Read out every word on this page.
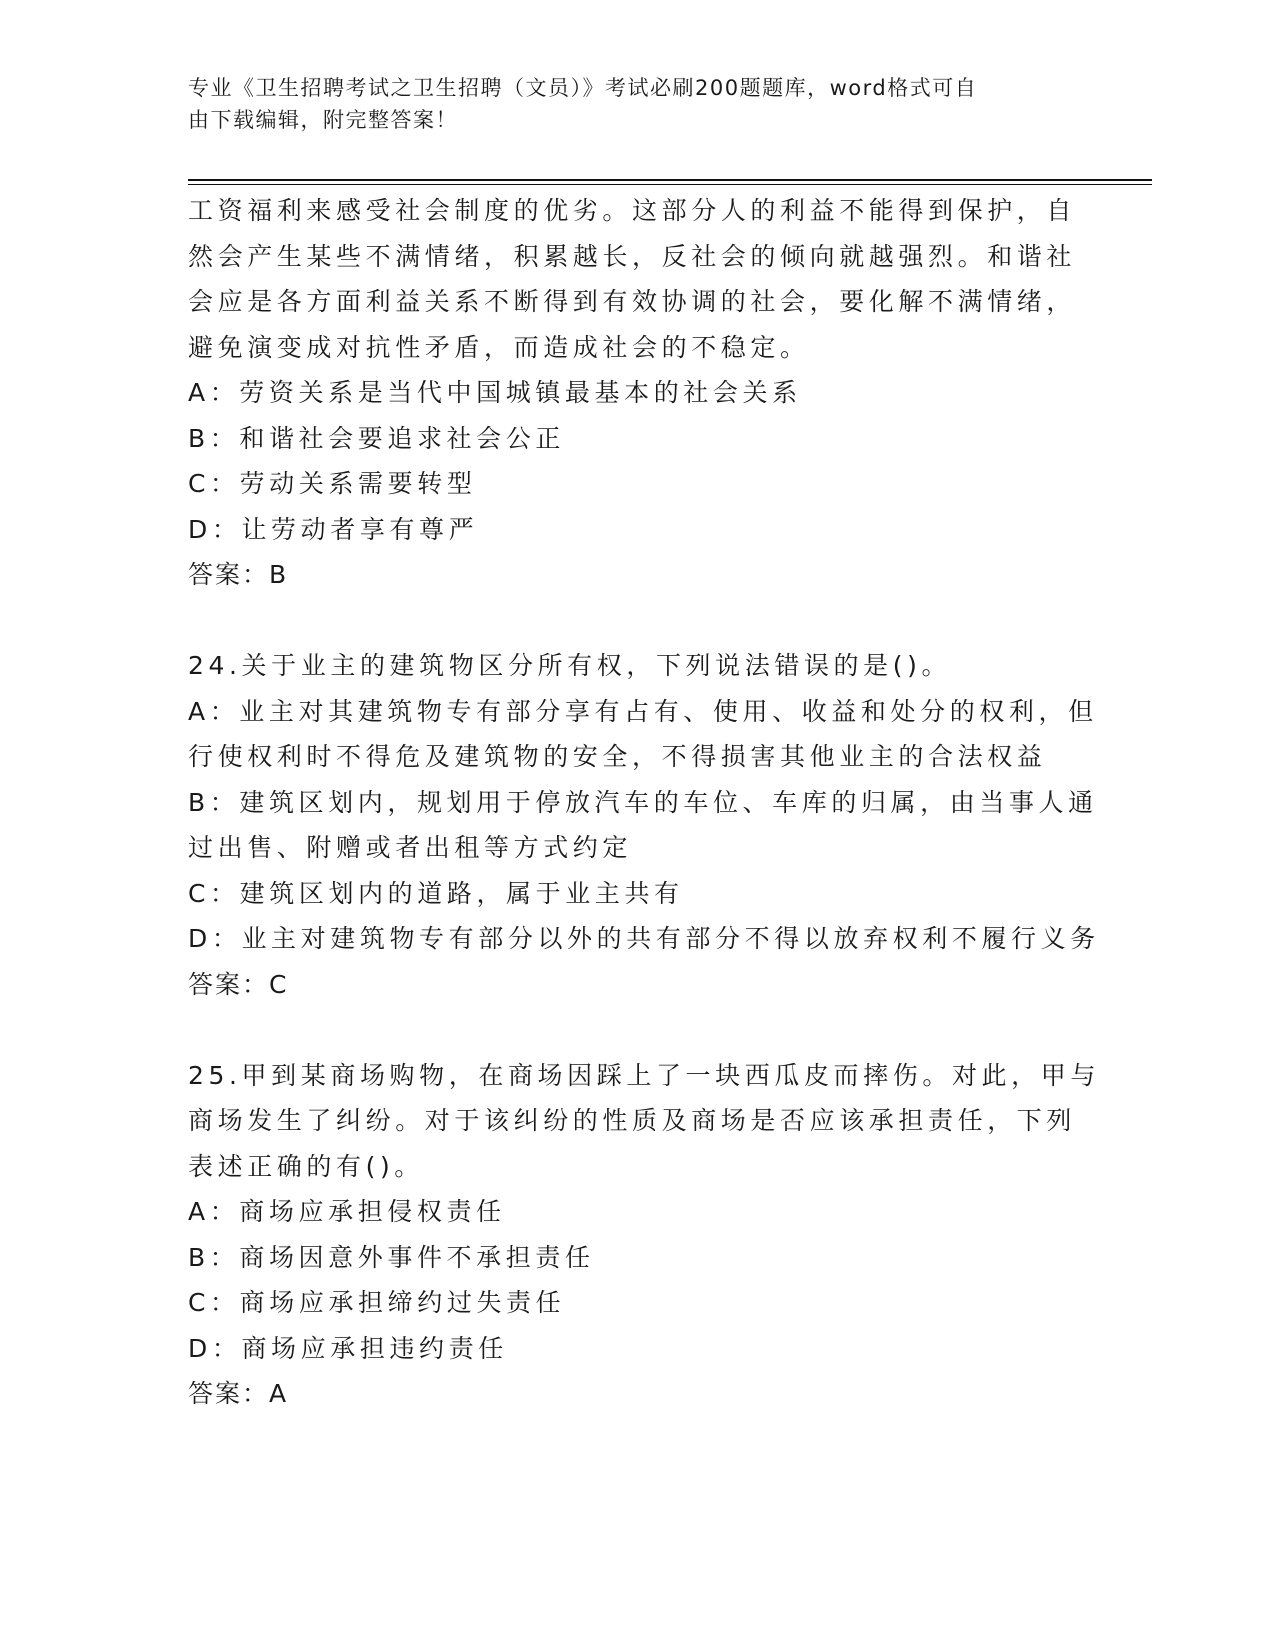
专业《卫生招聘考试之卫生招聘（文员）》考试必刷200题题库，word格式可自
由下载编辑，附完整答案！
工资福利来感受社会制度的优劣。这部分人的利益不能得到保护，自
然会产生某些不满情绪，积累越长，反社会的倾向就越强烈。和谐社
会应是各方面利益关系不断得到有效协调的社会，要化解不满情绪，
避免演变成对抗性矛盾，而造成社会的不稳定。
A：劳资关系是当代中国城镇最基本的社会关系
B：和谐社会要追求社会公正
C：劳动关系需要转型
D：让劳动者享有尊严
答案：B
24.关于业主的建筑物区分所有权，下列说法错误的是()。
A：业主对其建筑物专有部分享有占有、使用、收益和处分的权利，但
行使权利时不得危及建筑物的安全，不得损害其他业主的合法权益
B：建筑区划内，规划用于停放汽车的车位、车库的归属，由当事人通
过出售、附赠或者出租等方式约定
C：建筑区划内的道路，属于业主共有
D：业主对建筑物专有部分以外的共有部分不得以放弃权利不履行义务
答案：C
25.甲到某商场购物，在商场因踩上了一块西瓜皮而摔伤。对此，甲与
商场发生了纠纷。对于该纠纷的性质及商场是否应该承担责任，下列
表述正确的有()。
A：商场应承担侵权责任
B：商场因意外事件不承担责任
C：商场应承担缔约过失责任
D：商场应承担违约责任
答案：A
